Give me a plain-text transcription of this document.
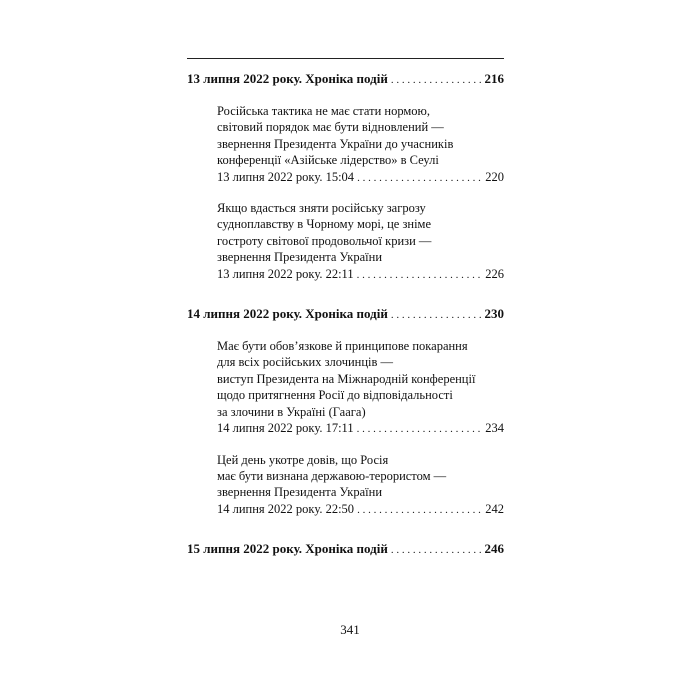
13 липня 2022 року. Хроніка подій . . .	216
Російська тактика не має стати нормою,
світовий порядок має бути відновлений —
звернення Президента України до учасників
конференції «Азійське лідерство» в Сеулі
13 липня 2022 року. 15:04 . . .	220
Якщо вдасться зняти російську загрозу
судноплавству в Чорному морі, це зніме
гостроту світової продовольчої кризи —
звернення Президента України
13 липня 2022 року. 22:11 . . .	226
14 липня 2022 року. Хроніка подій . . .	230
Має бути обов’язкове й принципове покарання
для всіх російських злочинців —
виступ Президента на Міжнародній конференції
щодо притягнення Росії до відповідальності
за злочини в Україні (Гаага)
14 липня 2022 року. 17:11 . . .	234
Цей день укотре довів, що Росія
має бути визнана державою-терористом —
звернення Президента України
14 липня 2022 року. 22:50 . . .	242
15 липня 2022 року. Хроніка подій . . .	246
341
